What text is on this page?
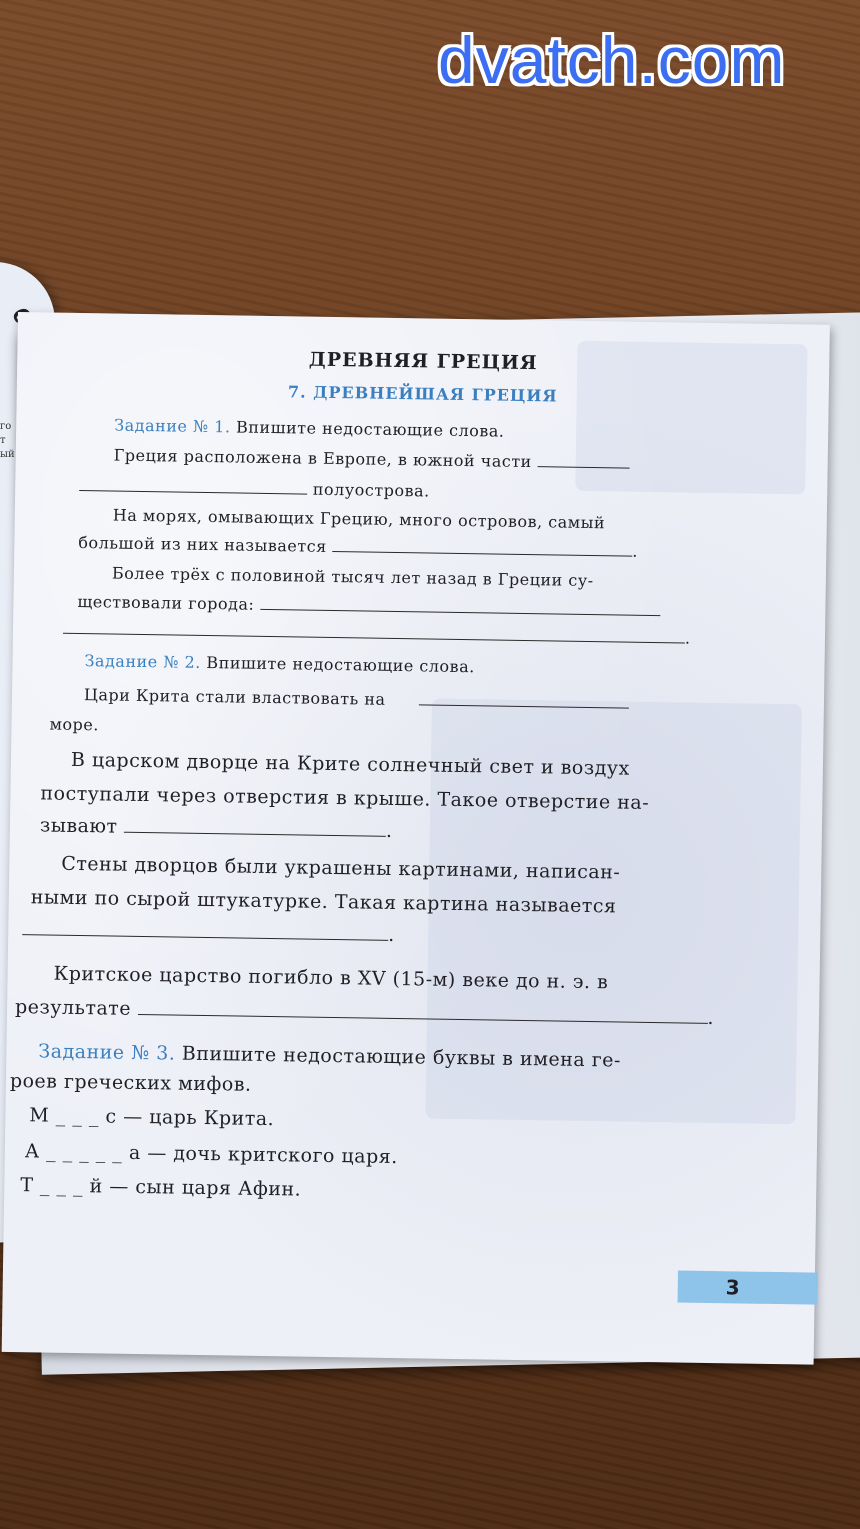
dvatch.com
го т ый
ДРЕВНЯЯ ГРЕЦИЯ
7. ДРЕВНЕЙШАЯ ГРЕЦИЯ
Задание № 1. Впишите недостающие слова.
Греция расположена в Европе, в южной части
полуострова.
На морях, омывающих Грецию, много островов, самый
большой из них называется	.
Более трёх с половиной тысяч лет назад в Греции су-
ществовали города:
.
Задание № 2. Впишите недостающие слова.
Цари Крита стали властвовать на
море.
В царском дворце на Крите солнечный свет и воздух
поступали через отверстия в крыше. Такое отверстие на-
зывают	.
Стены дворцов были украшены картинами, написан-
ными по сырой штукатурке. Такая картина называется
.
Критское царство погибло в XV (15-м) веке до н. э. в
результате	.
Задание № 3. Впишите недостающие буквы в имена ге-
роев греческих мифов.
М _ _ _ с — царь Крита.
А _ _ _ _ _ а — дочь критского царя.
Т _ _ _ й — сын царя Афин.
3
